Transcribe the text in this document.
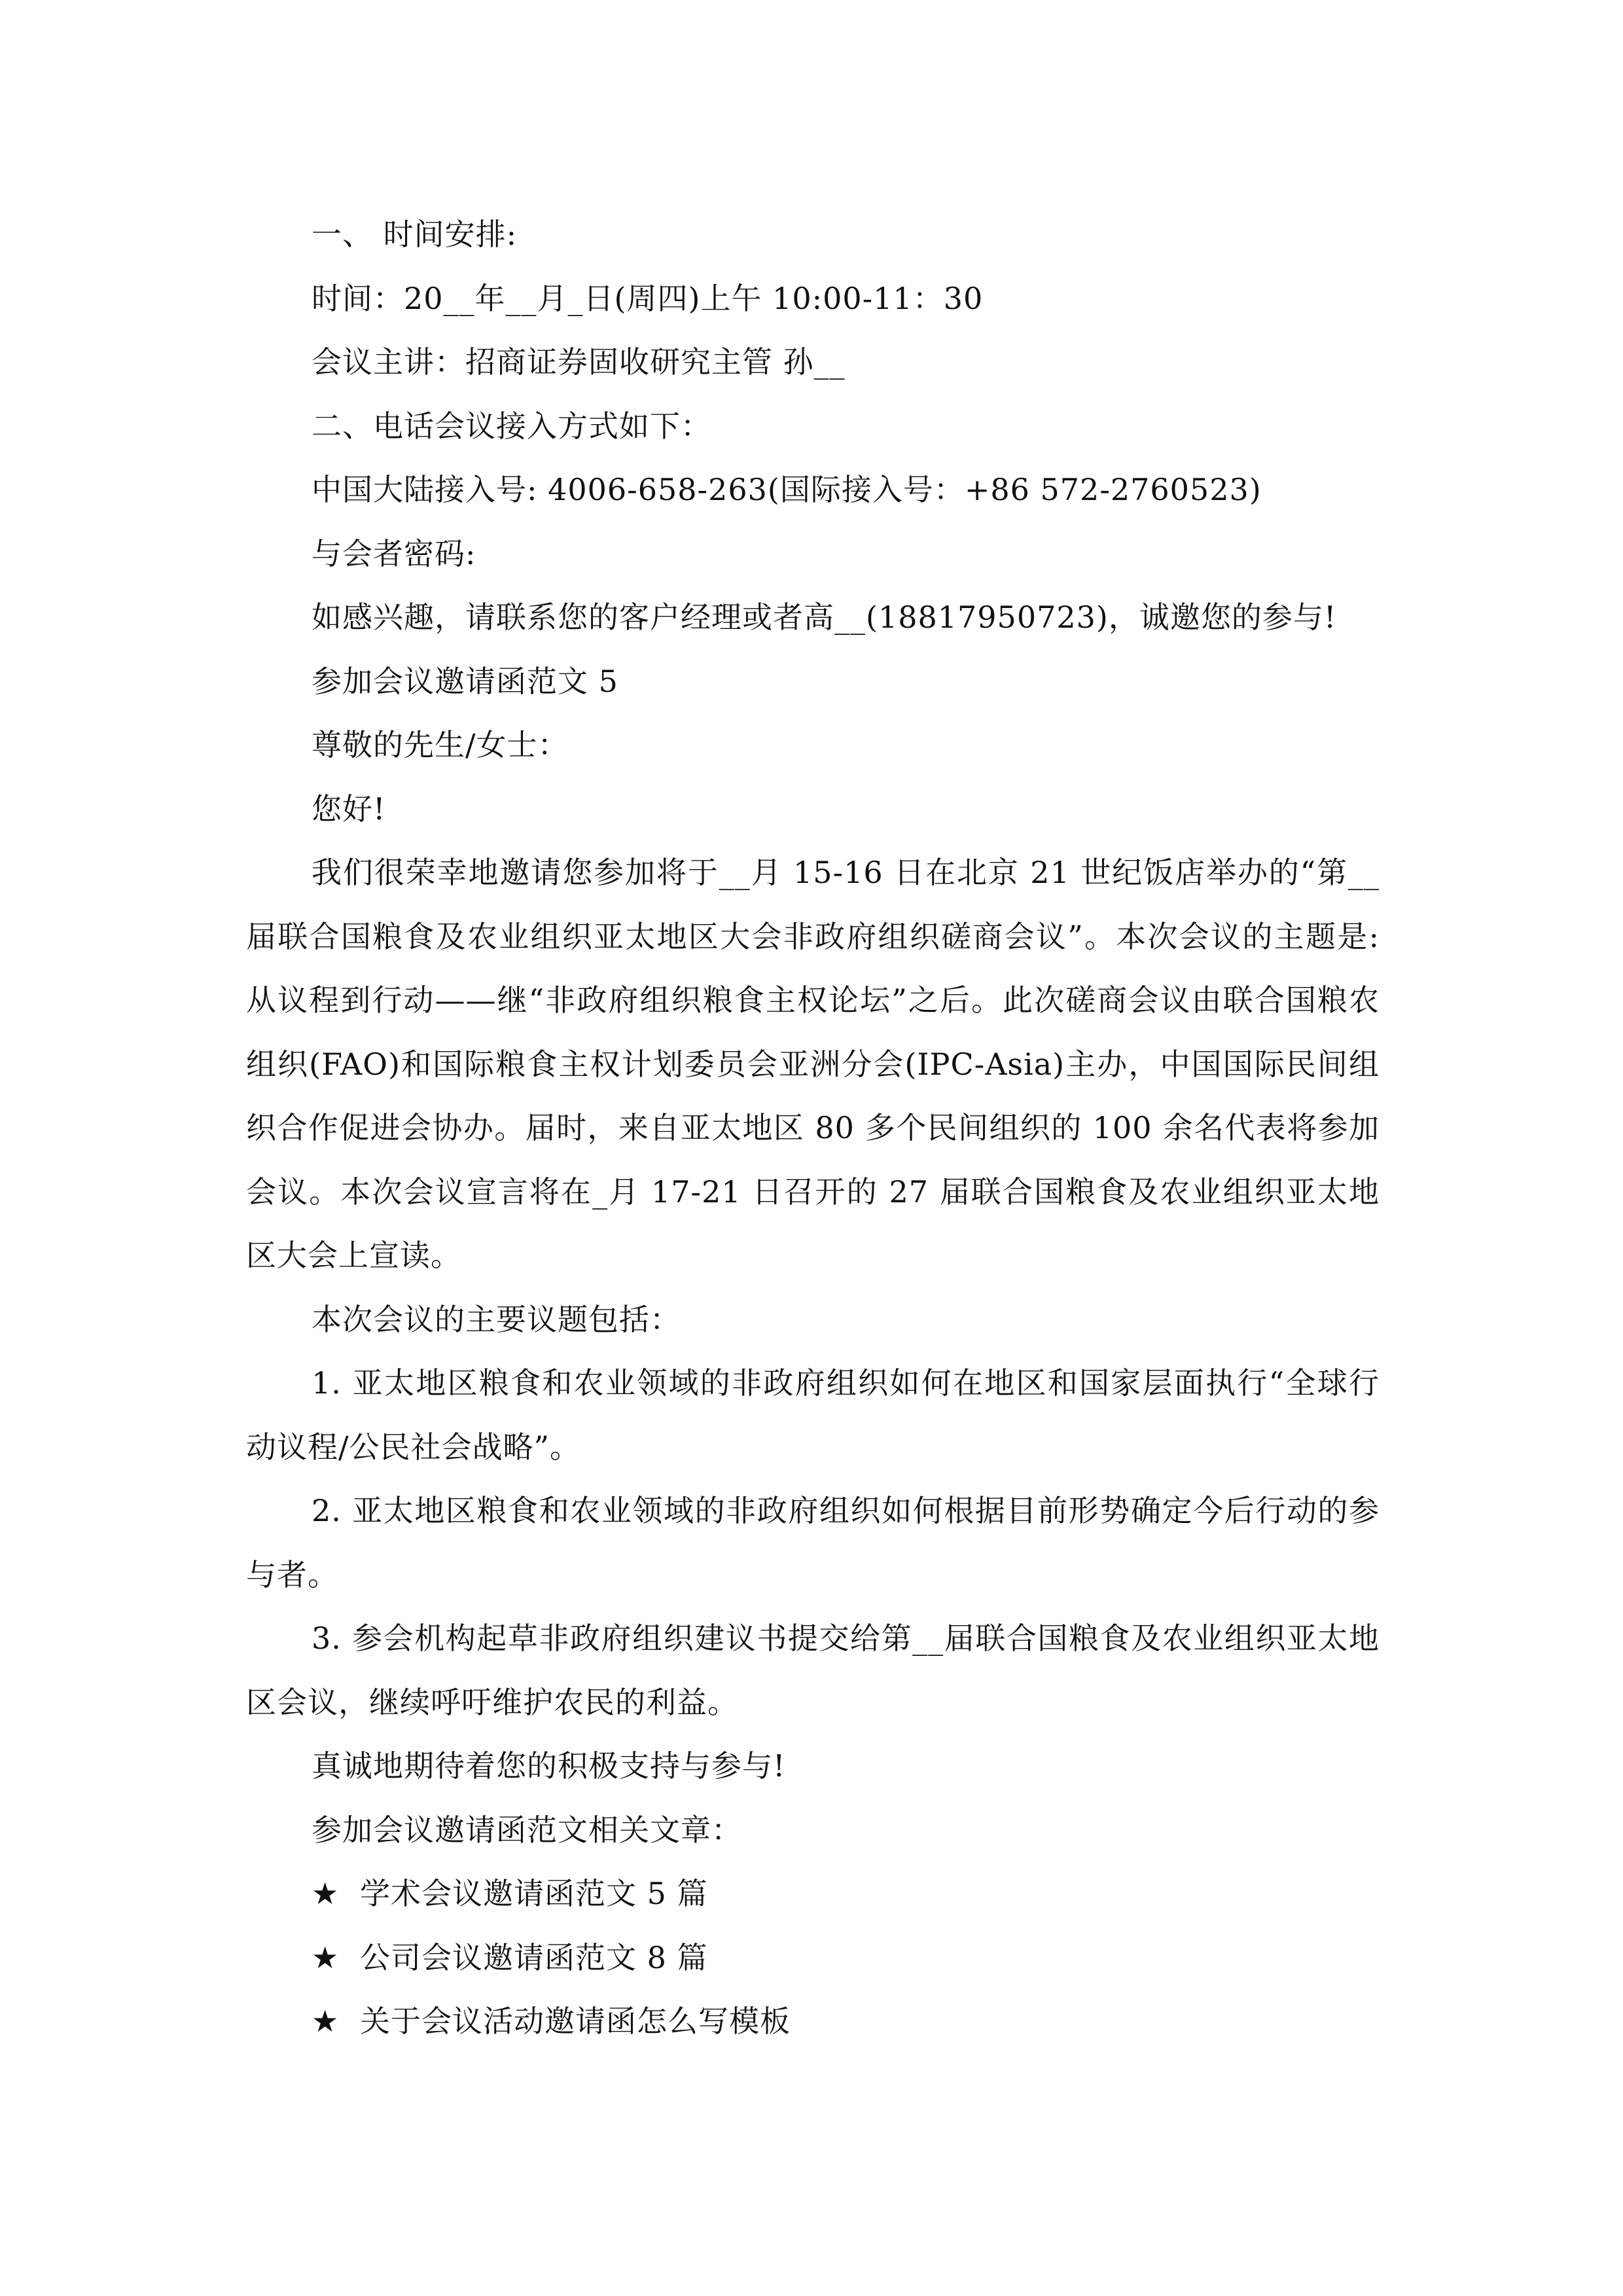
一、 时间安排:

时间：20__年__月_日(周四)上午 10:00-11：30

会议主讲：招商证券固收研究主管 孙__

二、电话会议接入方式如下：

中国大陆接入号: 4006-658-263(国际接入号：+86 572-2760523)

与会者密码:

如感兴趣，请联系您的客户经理或者高__(18817950723)，诚邀您的参与!

参加会议邀请函范文 5

尊敬的先生/女士：

您好!

我们很荣幸地邀请您参加将于__月 15-16 日在北京 21 世纪饭店举办的“第__届联合国粮食及农业组织亚太地区大会非政府组织磋商会议”。本次会议的主题是: 从议程到行动——继“非政府组织粮食主权论坛”之后。此次磋商会议由联合国粮农组织(FAO)和国际粮食主权计划委员会亚洲分会(IPC-Asia)主办，中国国际民间组织合作促进会协办。届时，来自亚太地区 80 多个民间组织的 100 余名代表将参加会议。本次会议宣言将在_月 17-21 日召开的 27 届联合国粮食及农业组织亚太地区大会上宣读。

本次会议的主要议题包括：

1. 亚太地区粮食和农业领域的非政府组织如何在地区和国家层面执行“全球行动议程/公民社会战略”。

2. 亚太地区粮食和农业领域的非政府组织如何根据目前形势确定今后行动的参与者。

3. 参会机构起草非政府组织建议书提交给第__届联合国粮食及农业组织亚太地区会议，继续呼吁维护农民的利益。

真诚地期待着您的积极支持与参与!

参加会议邀请函范文相关文章：

★ 学术会议邀请函范文 5 篇

★ 公司会议邀请函范文 8 篇

★ 关于会议活动邀请函怎么写模板
